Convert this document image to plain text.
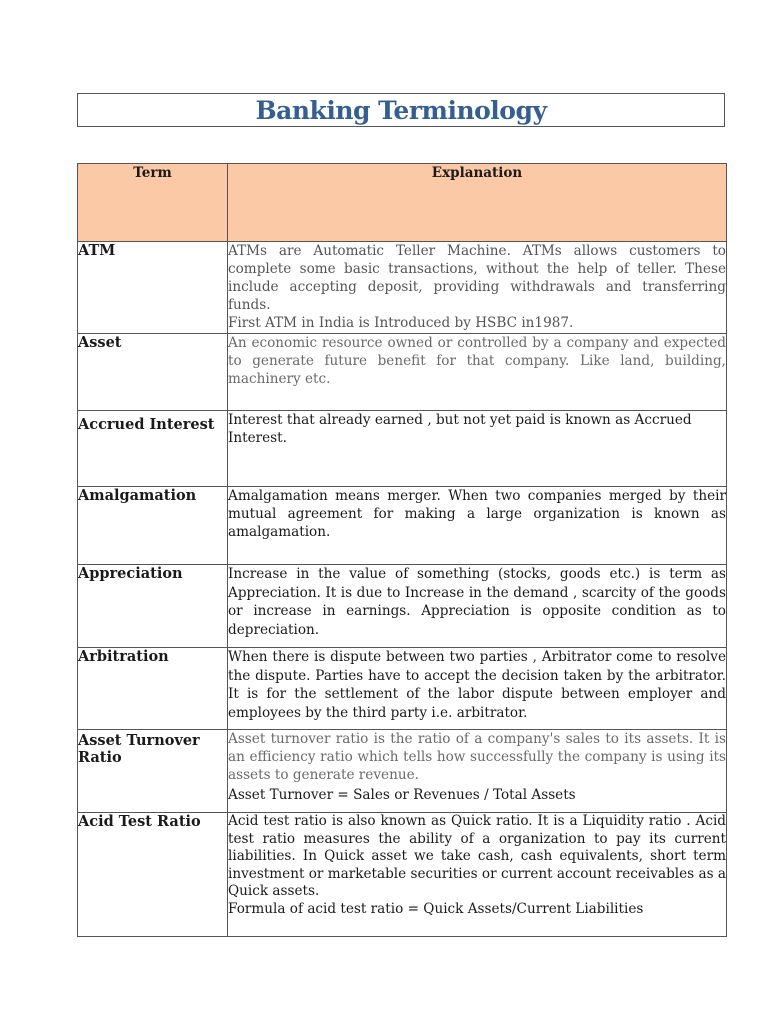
Banking Terminology
Term	Explanation
ATM	ATMs are Automatic Teller Machine. ATMs allows customers to complete some basic transactions, without the help of teller. These include accepting deposit, providing withdrawals and transferring funds.

First ATM in India is Introduced by HSBC in1987.

Asset	An economic resource owned or controlled by a company and expected to generate future benefit for that company. Like land, building, machinery etc.

Accrued Interest	Interest that already earned , but not yet paid is known as Accrued Interest.

Amalgamation	Amalgamation means merger. When two companies merged by their mutual agreement for making a large organization is known as amalgamation.

Appreciation	Increase in the value of something (stocks, goods etc.) is term as Appreciation. It is due to Increase in the demand , scarcity of the goods or increase in earnings. Appreciation is opposite condition as to depreciation.

Arbitration	When there is dispute between two parties , Arbitrator come to resolve the dispute. Parties have to accept the decision taken by the arbitrator. It is for the settlement of the labor dispute between employer and employees by the third party i.e. arbitrator.

Asset Turnover Ratio	Asset turnover ratio is the ratio of a company's sales to its assets. It is an efficiency ratio which tells how successfully the company is using its assets to generate revenue.

Asset Turnover = Sales or Revenues / Total Assets

Acid Test Ratio	Acid test ratio is also known as Quick ratio. It is a Liquidity ratio . Acid test ratio measures the ability of a organization to pay its current liabilities. In Quick asset we take cash, cash equivalents, short term investment or marketable securities or current account receivables as a Quick assets.

Formula of acid test ratio = Quick Assets/Current Liabilities
